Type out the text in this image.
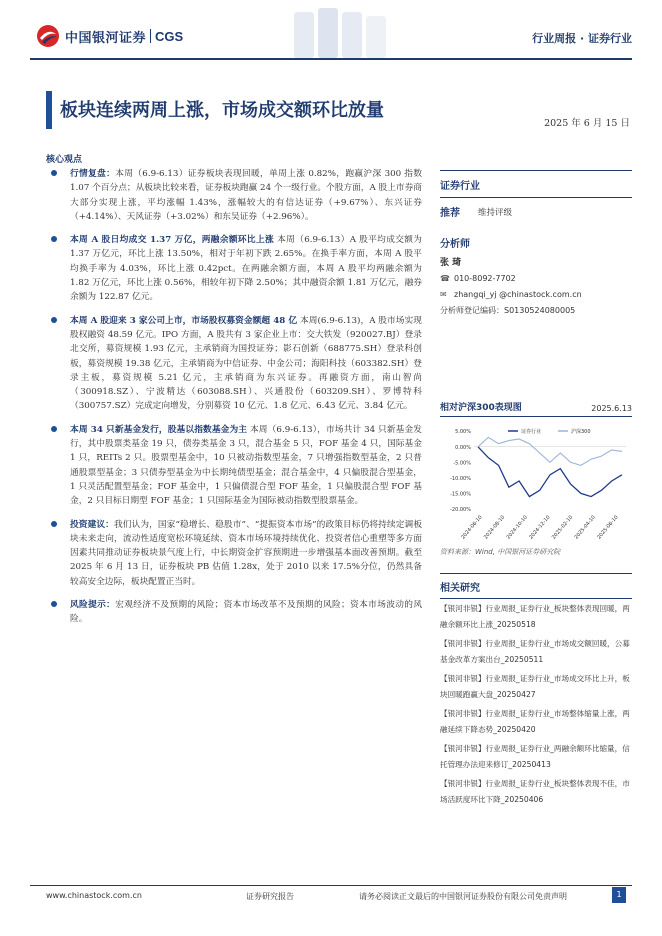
中国银河证券 CGS	行业周报 · 证券行业
板块连续两周上涨，市场成交额环比放量
2025 年 6 月 15 日
核心观点

行情复盘：本周（6.9-6.13）证券板块表现回暖，单周上涨 0.82%，跑赢沪深 300 指数 1.07 个百分点；从板块比较来看，证券板块跑赢 24 个一级行业。个股方面，A 股上市券商大部分实现上涨，平均涨幅 1.43%，涨幅较大的有信达证券（+9.67%）、东兴证券（+4.14%）、天风证券（+3.02%）和东吴证券（+2.96%）。

本周 A 股日均成交 1.37 万亿，两融余额环比上涨 本周（6.9-6.13）A 股平均成交额为 1.37 万亿元，环比上涨 13.50%，相对于年初下跌 2.65%。在换手率方面，本周 A 股平均换手率为 4.03%，环比上涨 0.42pct。在两融余额方面，本周 A 股平均两融余额为 1.82 万亿元，环比上涨 0.56%，相较年初下降 2.50%；其中融资余额 1.81 万亿元，融券余额为 122.87 亿元。

本周 A 股迎来 3 家公司上市，市场股权募资金额超 48 亿 本周(6.9-6.13)，A 股市场实现股权融资 48.59 亿元。IPO 方面，A 股共有 3 家企业上市：交大铁发（920027.BJ）登录北交所，募资规模 1.93 亿元，主承销商为国投证券；影石创新（688775.SH）登录科创板，募资规模 19.38 亿元，主承销商为中信证券、中金公司；海阳科技（603382.SH）登录主板，募资规模 5.21 亿元，主承销商为东兴证券。再融资方面，南山智尚（300918.SZ）、宁波精达（603088.SH）、兴通股份（603209.SH）、罗博特科（300757.SZ）完成定向增发，分别募资 10 亿元、1.8 亿元、6.43 亿元、3.84 亿元。

本周 34 只新基金发行，股基以指数基金为主 本周（6.9-6.13），市场共计 34 只新基金发行，其中股票类基金 19 只，债券类基金 3 只，混合基金 5 只，FOF 基金 4 只，国际基金 1 只，REITs 2 只。股票型基金中，10 只被动指数型基金，7 只增强指数型基金，2 只普通股票型基金；3 只债券型基金为中长期纯债型基金；混合基金中，4 只偏股混合型基金，1 只灵活配置型基金；FOF 基金中，1 只偏债混合型 FOF 基金，1 只偏股混合型 FOF 基金，2 只目标日期型 FOF 基金；1 只国际基金为国际被动指数型股票基金。

投资建议：我们认为，国家“稳增长、稳股市”、“提振资本市场”的政策目标仍将持续定调板块未来走向，流动性适度宽松环境延续、资本市场环境持续优化、投资者信心重塑等多方面因素共同推动证券板块景气度上行，中长期资金扩容预期进一步增强基本面改善预期。截至 2025 年 6 月 13 日，证券板块 PB 估值 1.28x，处于 2010 以来 17.5%分位，仍然具备较高安全边际，板块配置正当时。

风险提示：宏观经济不及预期的风险；资本市场改革不及预期的风险；资本市场波动的风险。

证券行业
推荐 维持评级
分析师
张 琦
☎ 010-8092-7702
✉ zhangqi_yj @chinastock.com.cn
分析师登记编码：S0130524080005
相对沪深300表现图	2025.6.13
5.00%
0.00%
-5.00%
-10.00%
-15.00%
-20.00%
2024-06-10 2024-08-10 2024-10-10 2024-12-10 2025-02-10 2025-04-10 2025-06-10
证券行业	沪深300
资料来源：Wind, 中国银河证券研究院
相关研究
【银河非银】行业周报_证券行业_板块整体表现回暖，两融余额环比上涨_20250518
【银河非银】行业周报_证券行业_市场成交额回暖，公募基金改革方案出台_20250511
【银河非银】行业周报_证券行业_市场成交环比上升，板块回暖跑赢大盘_20250427
【银河非银】行业周报_证券行业_市场整体缩量上涨，两融延续下降态势_20250420
【银河非银】行业周报_证券行业_两融余额环比缩量，信托管理办法迎来修订_20250413
【银河非银】行业周报_证券行业_板块整体表现不佳，市场活跃度环比下降_20250406
www.chinastock.com.cn	证券研究报告	请务必阅读正文最后的中国银河证券股份有限公司免责声明	1
